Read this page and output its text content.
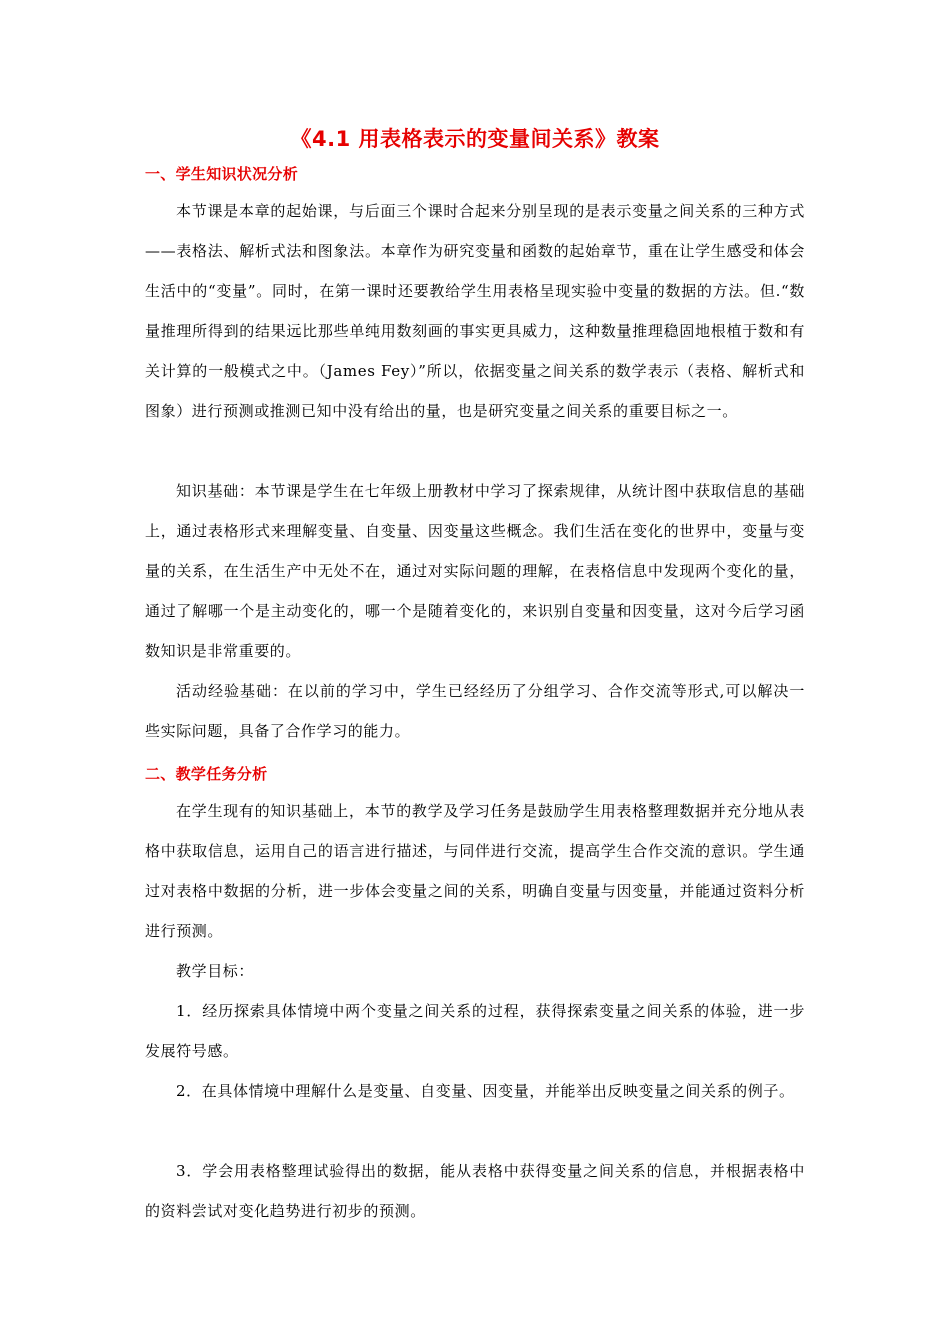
《4.1 用表格表示的变量间关系》教案
一、学生知识状况分析
本节课是本章的起始课，与后面三个课时合起来分别呈现的是表示变量之间关系的三种方式——表格法、解析式法和图象法。本章作为研究变量和函数的起始章节，重在让学生感受和体会生活中的“变量”。同时，在第一课时还要教给学生用表格呈现实验中变量的数据的方法。但.“数量推理所得到的结果远比那些单纯用数刻画的事实更具威力，这种数量推理稳固地根植于数和有关计算的一般模式之中。（James Fey）”所以，依据变量之间关系的数学表示（表格、解析式和图象）进行预测或推测已知中没有给出的量，也是研究变量之间关系的重要目标之一。
知识基础：本节课是学生在七年级上册教材中学习了探索规律，从统计图中获取信息的基础上，通过表格形式来理解变量、自变量、因变量这些概念。我们生活在变化的世界中，变量与变量的关系，在生活生产中无处不在，通过对实际问题的理解，在表格信息中发现两个变化的量，通过了解哪一个是主动变化的，哪一个是随着变化的，来识别自变量和因变量，这对今后学习函数知识是非常重要的。
活动经验基础：在以前的学习中，学生已经经历了分组学习、合作交流等形式,可以解决一些实际问题，具备了合作学习的能力。
二、教学任务分析
在学生现有的知识基础上，本节的教学及学习任务是鼓励学生用表格整理数据并充分地从表格中获取信息，运用自己的语言进行描述，与同伴进行交流，提高学生合作交流的意识。学生通过对表格中数据的分析，进一步体会变量之间的关系，明确自变量与因变量，并能通过资料分析进行预测。
教学目标：
1．经历探索具体情境中两个变量之间关系的过程，获得探索变量之间关系的体验，进一步发展符号感。
2．在具体情境中理解什么是变量、自变量、因变量，并能举出反映变量之间关系的例子。
3．学会用表格整理试验得出的数据，能从表格中获得变量之间关系的信息，并根据表格中的资料尝试对变化趋势进行初步的预测。
